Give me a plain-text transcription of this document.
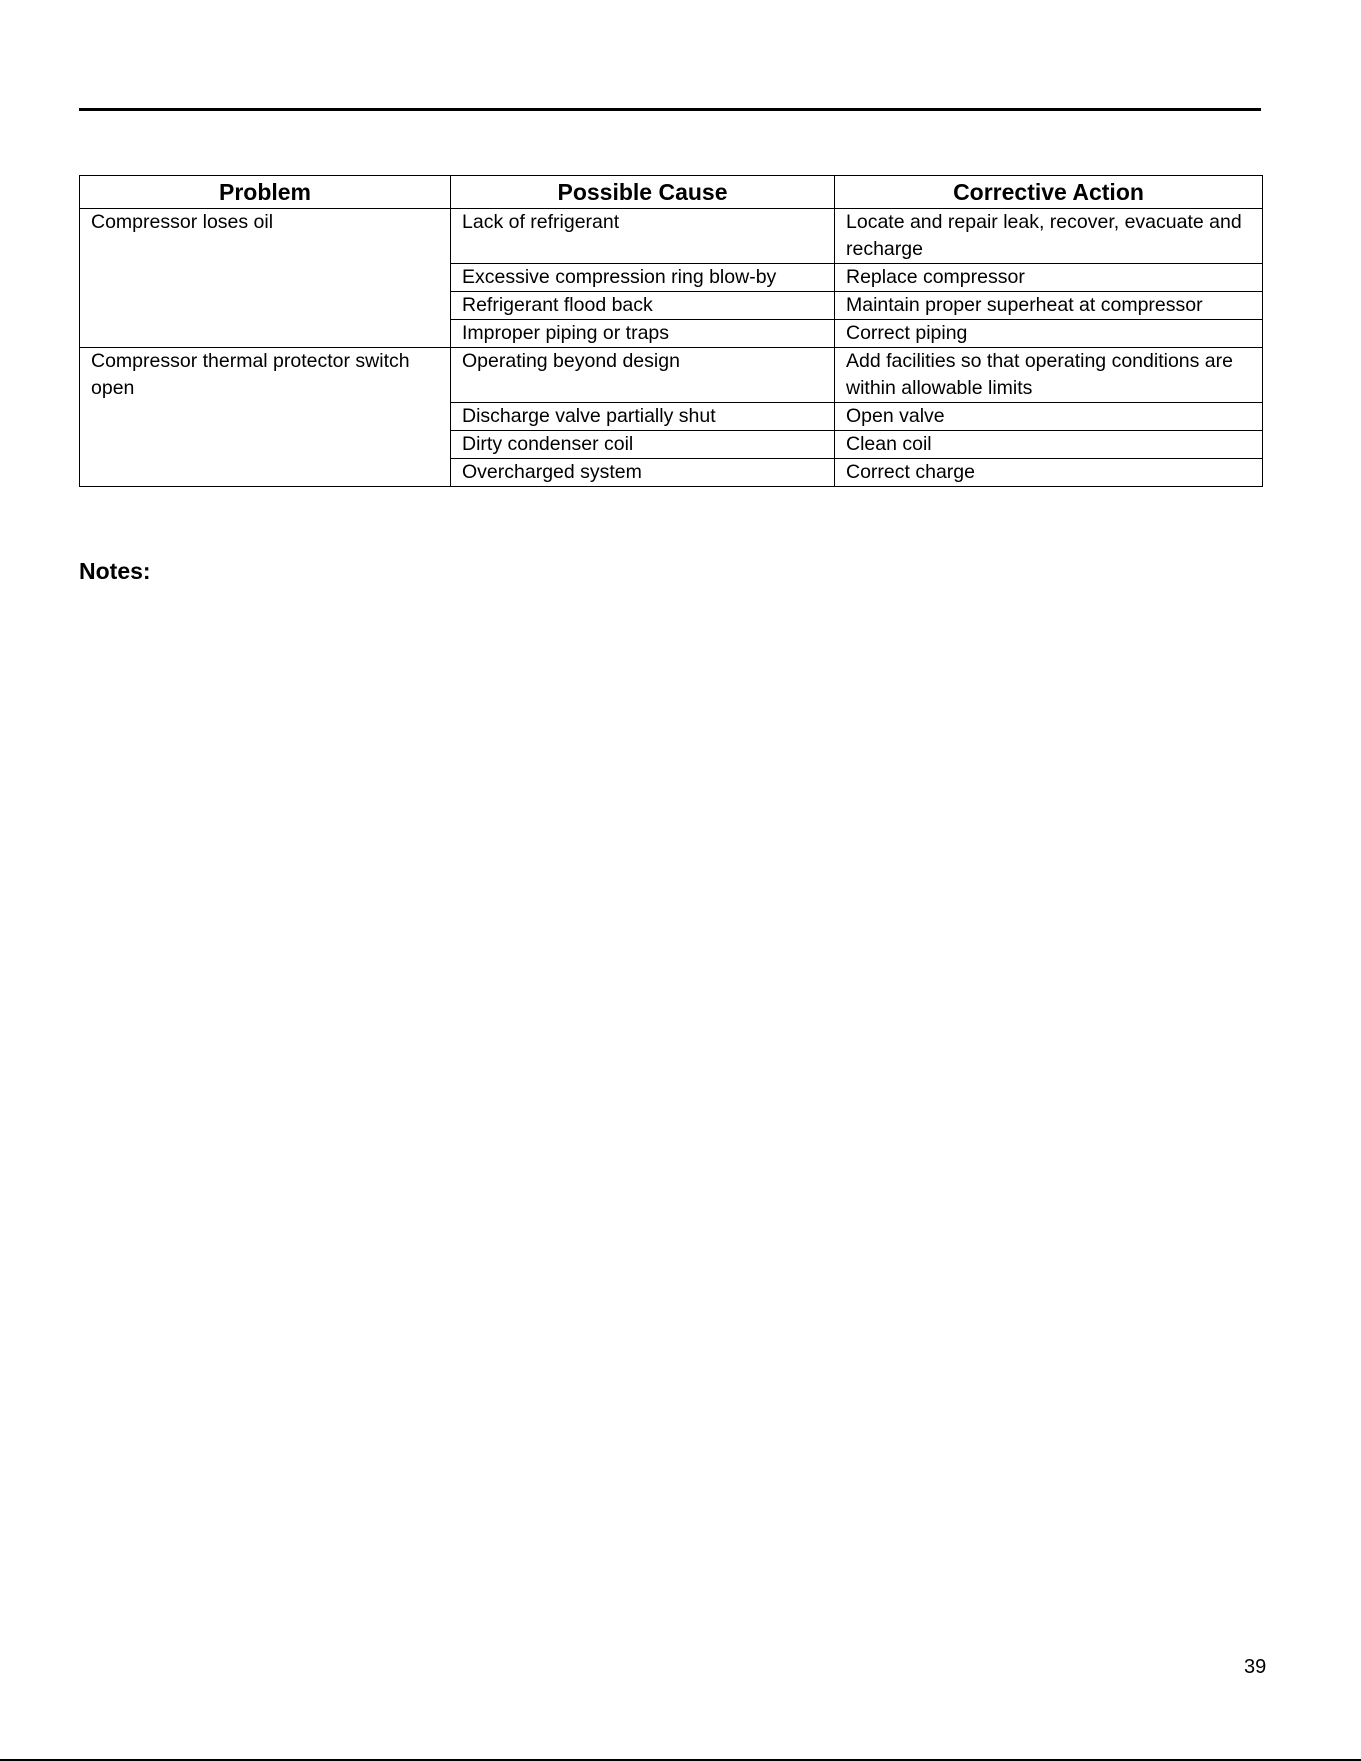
Problem	Possible Cause	Corrective Action
Compressor loses oil	Lack of refrigerant	Locate and repair leak, recover, evacuate and recharge
	Excessive compression ring blow-by	Replace compressor
	Refrigerant flood back	Maintain proper superheat at compressor
	Improper piping or traps	Correct piping
Compressor thermal protector switch open	Operating beyond design	Add facilities so that operating conditions are within allowable limits
	Discharge valve partially shut	Open valve
	Dirty condenser coil	Clean coil
	Overcharged system	Correct charge
Notes:
39
